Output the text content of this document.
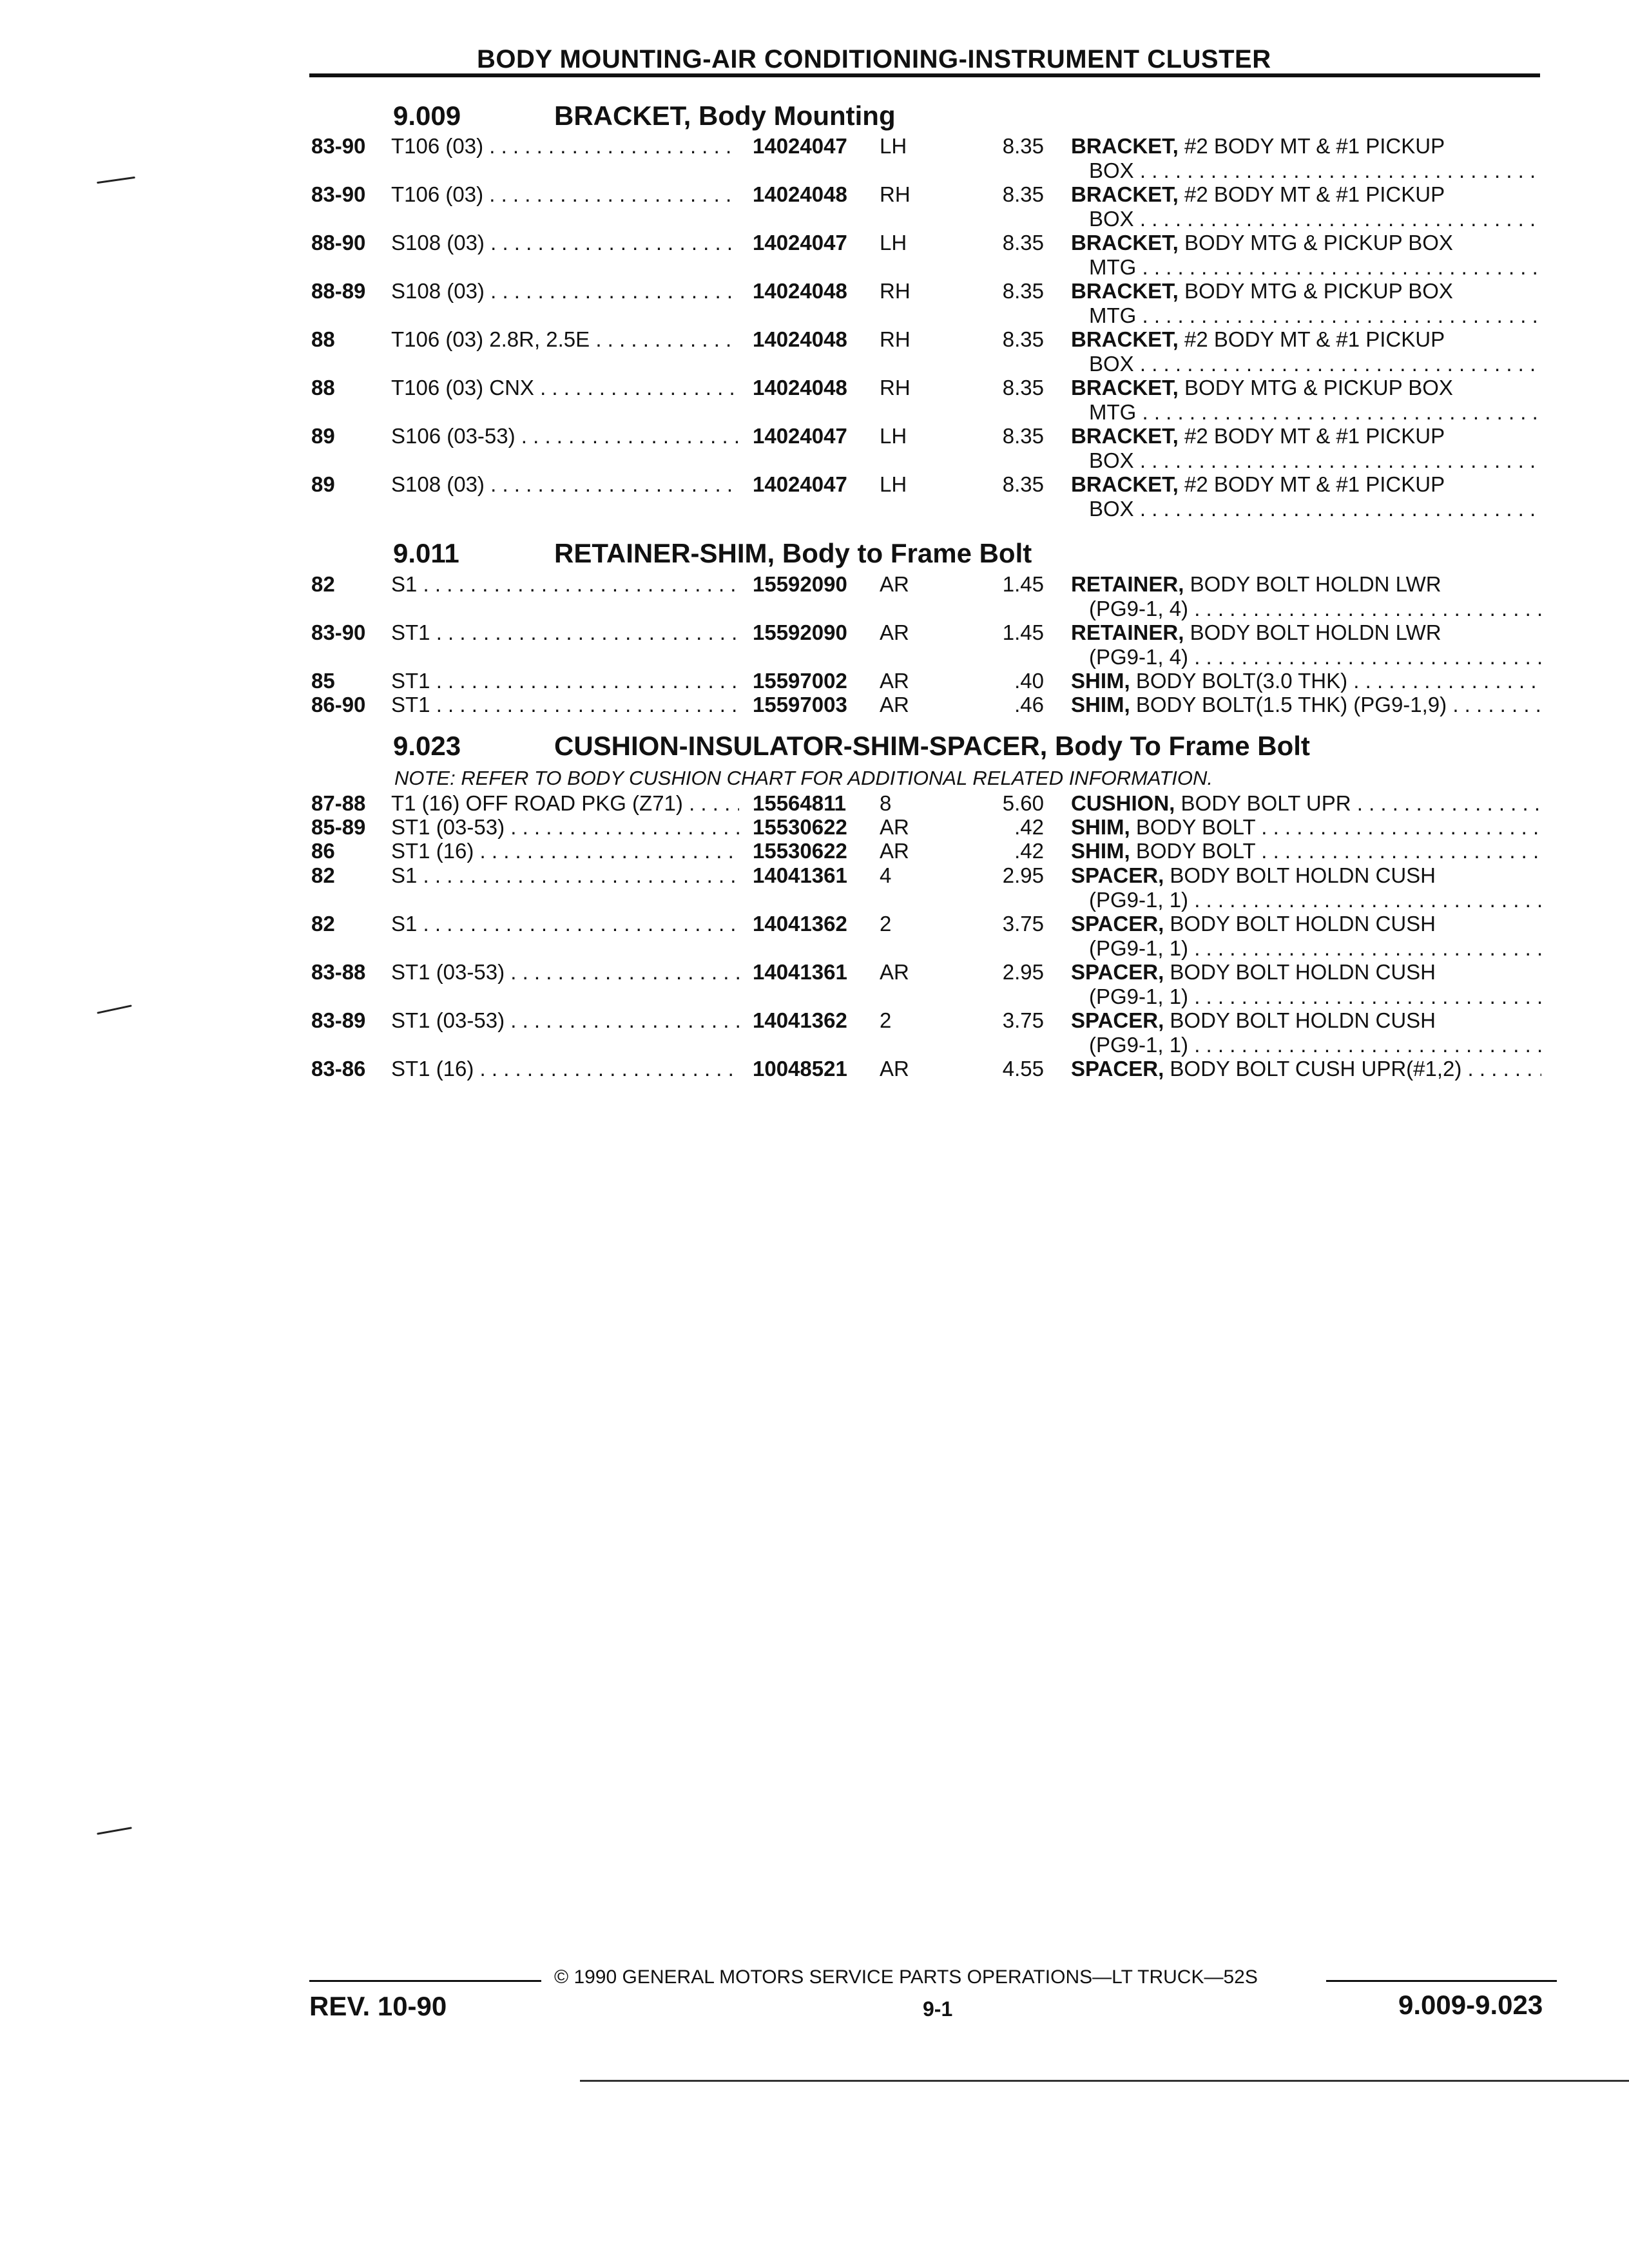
BODY MOUNTING-AIR CONDITIONING-INSTRUMENT CLUSTER
9.009	BRACKET, Body Mounting
9.011	RETAINER-SHIM, Body to Frame Bolt
9.023	CUSHION-INSULATOR-SHIM-SPACER, Body To Frame Bolt
NOTE: REFER TO BODY CUSHION CHART FOR ADDITIONAL RELATED INFORMATION.
83-90	T106 (03) . . .	14024047 LH	8.35 BRACKET, #2 BODY MT & #1 PICKUP
BOX . . .
83-90	T106 (03) . . .	14024048 RH	8.35 BRACKET, #2 BODY MT & #1 PICKUP
BOX . . .
88-90	S108 (03) . . .	14024047 LH	8.35 BRACKET, BODY MTG & PICKUP BOX
MTG . . .
88-89	S108 (03) . . .	14024048 RH	8.35 BRACKET, BODY MTG & PICKUP BOX
MTG . . .
88	T106 (03) 2.8R, 2.5E . . .	14024048 RH	8.35 BRACKET, #2 BODY MT & #1 PICKUP
BOX . . .
88	T106 (03) CNX . . .	14024048 RH	8.35 BRACKET, BODY MTG & PICKUP BOX
MTG . . .
89	S106 (03-53) . . .	14024047 LH	8.35 BRACKET, #2 BODY MT & #1 PICKUP
BOX . . .
89	S108 (03) . . .	14024047 LH	8.35 BRACKET, #2 BODY MT & #1 PICKUP
BOX . . .
82	S1 . . .	15592090 AR	1.45 RETAINER, BODY BOLT HOLDN LWR
(PG9-1, 4) . . .
83-90	ST1 . . .	15592090 AR	1.45 RETAINER, BODY BOLT HOLDN LWR
(PG9-1, 4) . . .
85	ST1 . . .	15597002 AR	.40 SHIM, BODY BOLT(3.0 THK) . . .
86-90	ST1 . . .	15597003 AR	.46 SHIM, BODY BOLT(1.5 THK) (PG9-1,9) . . .
87-88	T1 (16) OFF ROAD PKG (Z71) . . . .	15564811 8	5.60 CUSHION, BODY BOLT UPR . . .
85-89	ST1 (03-53) . . .	15530622 AR	.42 SHIM, BODY BOLT . . .
86	ST1 (16) . . .	15530622 AR	.42 SHIM, BODY BOLT . . .
82	S1 . . .	14041361 4	2.95 SPACER, BODY BOLT HOLDN CUSH
(PG9-1, 1) . . .
82	S1 . . .	14041362 2	3.75 SPACER, BODY BOLT HOLDN CUSH
(PG9-1, 1) . . .
83-88	ST1 (03-53) . . .	14041361 AR	2.95 SPACER, BODY BOLT HOLDN CUSH
(PG9-1, 1) . . .
83-89	ST1 (03-53) . . .	14041362 2	3.75 SPACER, BODY BOLT HOLDN CUSH
(PG9-1, 1) . . .
83-86	ST1 (16) . . .	10048521 AR	4.55 SPACER, BODY BOLT CUSH UPR(#1,2) . . . . .
© 1990 GENERAL MOTORS SERVICE PARTS OPERATIONS—LT TRUCK—52S
REV. 10-90	9-1	9.009-9.023
